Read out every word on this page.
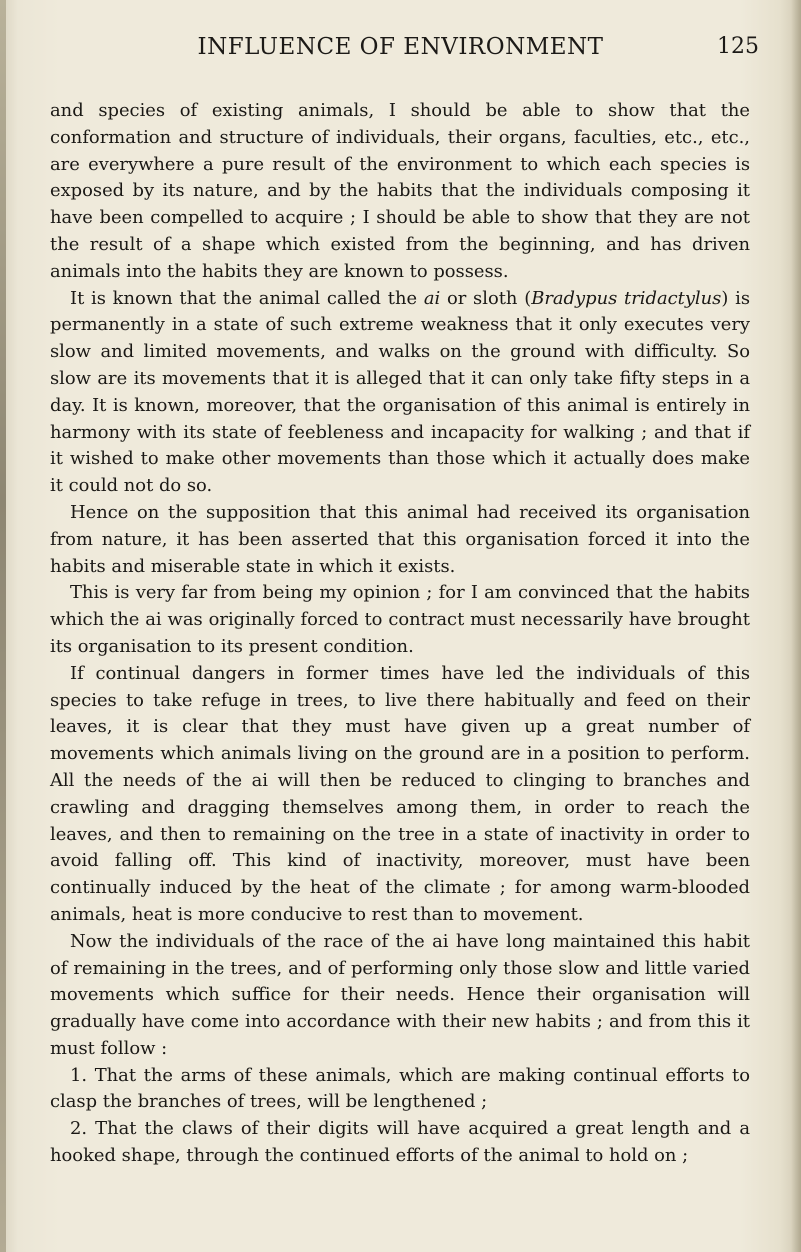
INFLUENCE OF ENVIRONMENT	125

and species of existing animals, I should be able to show that the conformation and structure of individuals, their organs, faculties, etc., etc., are everywhere a pure result of the environment to which each species is exposed by its nature, and by the habits that the individuals composing it have been compelled to acquire ; I should be able to show that they are not the result of a shape which existed from the beginning, and has driven animals into the habits they are known to possess.

It is known that the animal called the ai or sloth (Bradypus tridactylus) is permanently in a state of such extreme weakness that it only executes very slow and limited movements, and walks on the ground with difficulty. So slow are its movements that it is alleged that it can only take fifty steps in a day. It is known, moreover, that the organisation of this animal is entirely in harmony with its state of feebleness and incapacity for walking ; and that if it wished to make other movements than those which it actually does make it could not do so.

Hence on the supposition that this animal had received its organisation from nature, it has been asserted that this organisation forced it into the habits and miserable state in which it exists.

This is very far from being my opinion ; for I am convinced that the habits which the ai was originally forced to contract must necessarily have brought its organisation to its present condition.

If continual dangers in former times have led the individuals of this species to take refuge in trees, to live there habitually and feed on their leaves, it is clear that they must have given up a great number of movements which animals living on the ground are in a position to perform. All the needs of the ai will then be reduced to clinging to branches and crawling and dragging themselves among them, in order to reach the leaves, and then to remaining on the tree in a state of inactivity in order to avoid falling off. This kind of inactivity, moreover, must have been continually induced by the heat of the climate ; for among warm-blooded animals, heat is more conducive to rest than to movement.

Now the individuals of the race of the ai have long maintained this habit of remaining in the trees, and of performing only those slow and little varied movements which suffice for their needs. Hence their organisation will gradually have come into accordance with their new habits ; and from this it must follow :

1. That the arms of these animals, which are making continual efforts to clasp the branches of trees, will be lengthened ;

2. That the claws of their digits will have acquired a great length and a hooked shape, through the continued efforts of the animal to hold on ;
